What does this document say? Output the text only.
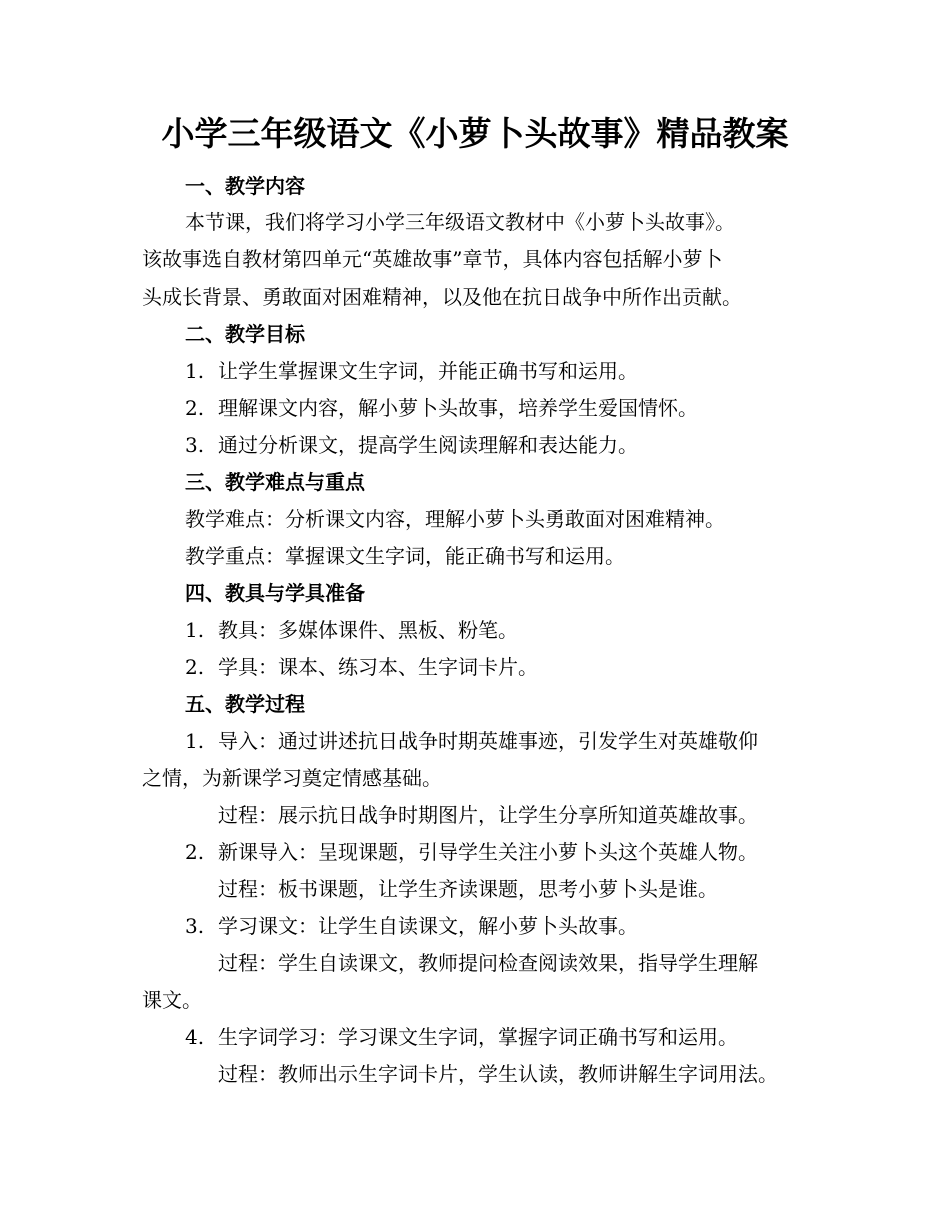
小学三年级语文《小萝卜头故事》精品教案
一、教学内容
本节课，我们将学习小学三年级语文教材中《小萝卜头故事》。
该故事选自教材第四单元“英雄故事”章节，具体内容包括解小萝卜
头成长背景、勇敢面对困难精神，以及他在抗日战争中所作出贡献。
二、教学目标
1. 让学生掌握课文生字词，并能正确书写和运用。
2. 理解课文内容，解小萝卜头故事，培养学生爱国情怀。
3. 通过分析课文，提高学生阅读理解和表达能力。
三、教学难点与重点
教学难点：分析课文内容，理解小萝卜头勇敢面对困难精神。
教学重点：掌握课文生字词，能正确书写和运用。
四、教具与学具准备
1. 教具：多媒体课件、黑板、粉笔。
2. 学具：课本、练习本、生字词卡片。
五、教学过程
1. 导入：通过讲述抗日战争时期英雄事迹，引发学生对英雄敬仰
之情，为新课学习奠定情感基础。
过程：展示抗日战争时期图片，让学生分享所知道英雄故事。
2. 新课导入：呈现课题，引导学生关注小萝卜头这个英雄人物。
过程：板书课题，让学生齐读课题，思考小萝卜头是谁。
3. 学习课文：让学生自读课文，解小萝卜头故事。
过程：学生自读课文，教师提问检查阅读效果，指导学生理解
课文。
4. 生字词学习：学习课文生字词，掌握字词正确书写和运用。
过程：教师出示生字词卡片，学生认读，教师讲解生字词用法。
